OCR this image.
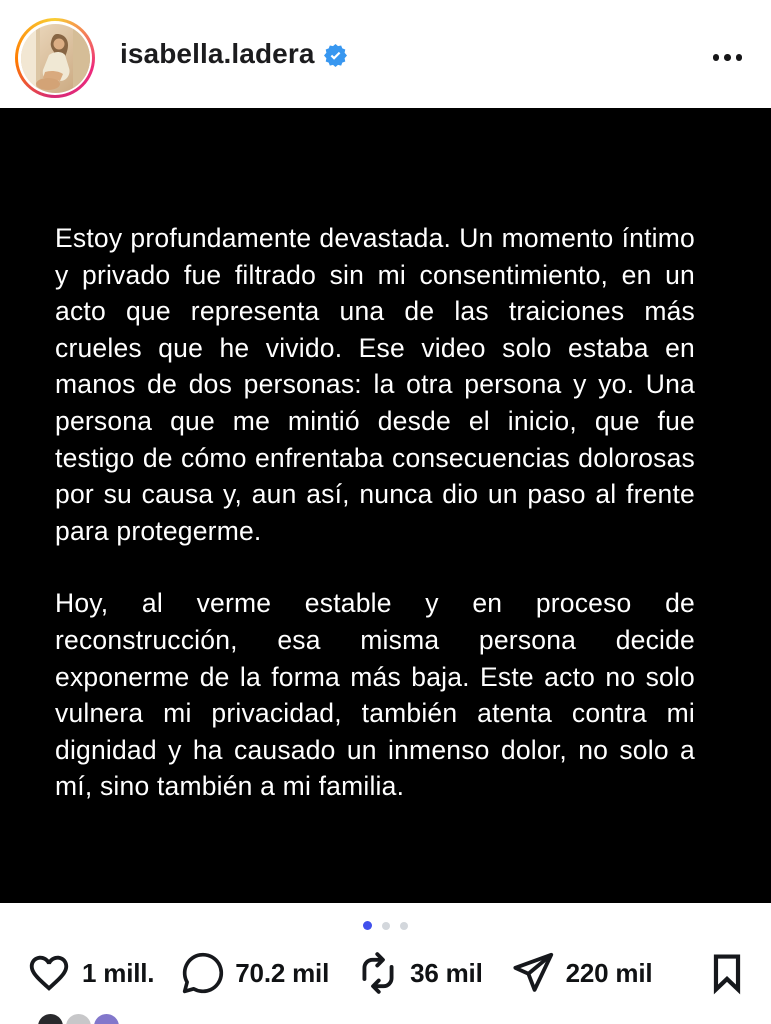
isabella.ladera

Estoy profundamente devastada. Un momento íntimo y privado fue filtrado sin mi consentimiento, en un acto que representa una de las traiciones más crueles que he vivido. Ese video solo estaba en manos de dos personas: la otra persona y yo. Una persona que me mintió desde el inicio, que fue testigo de cómo enfrentaba consecuencias dolorosas por su causa y, aun así, nunca dio un paso al frente para protegerme.

Hoy, al verme estable y en proceso de reconstrucción, esa misma persona decide exponerme de la forma más baja. Este acto no solo vulnera mi privacidad, también atenta contra mi dignidad y ha causado un inmenso dolor, no solo a mí, sino también a mi familia.

1 mill.	70.2 mil	36 mil	220 mil
